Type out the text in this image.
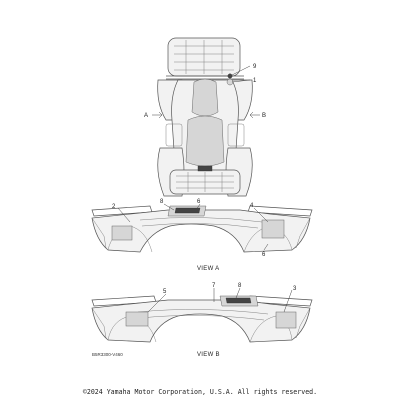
9
1
A	B
2
8	6
4
6
VIEW A
5
7	8	3
VIEW B
B5R3300-V460
©2024 Yamaha Motor Corporation, U.S.A. All rights reserved.
